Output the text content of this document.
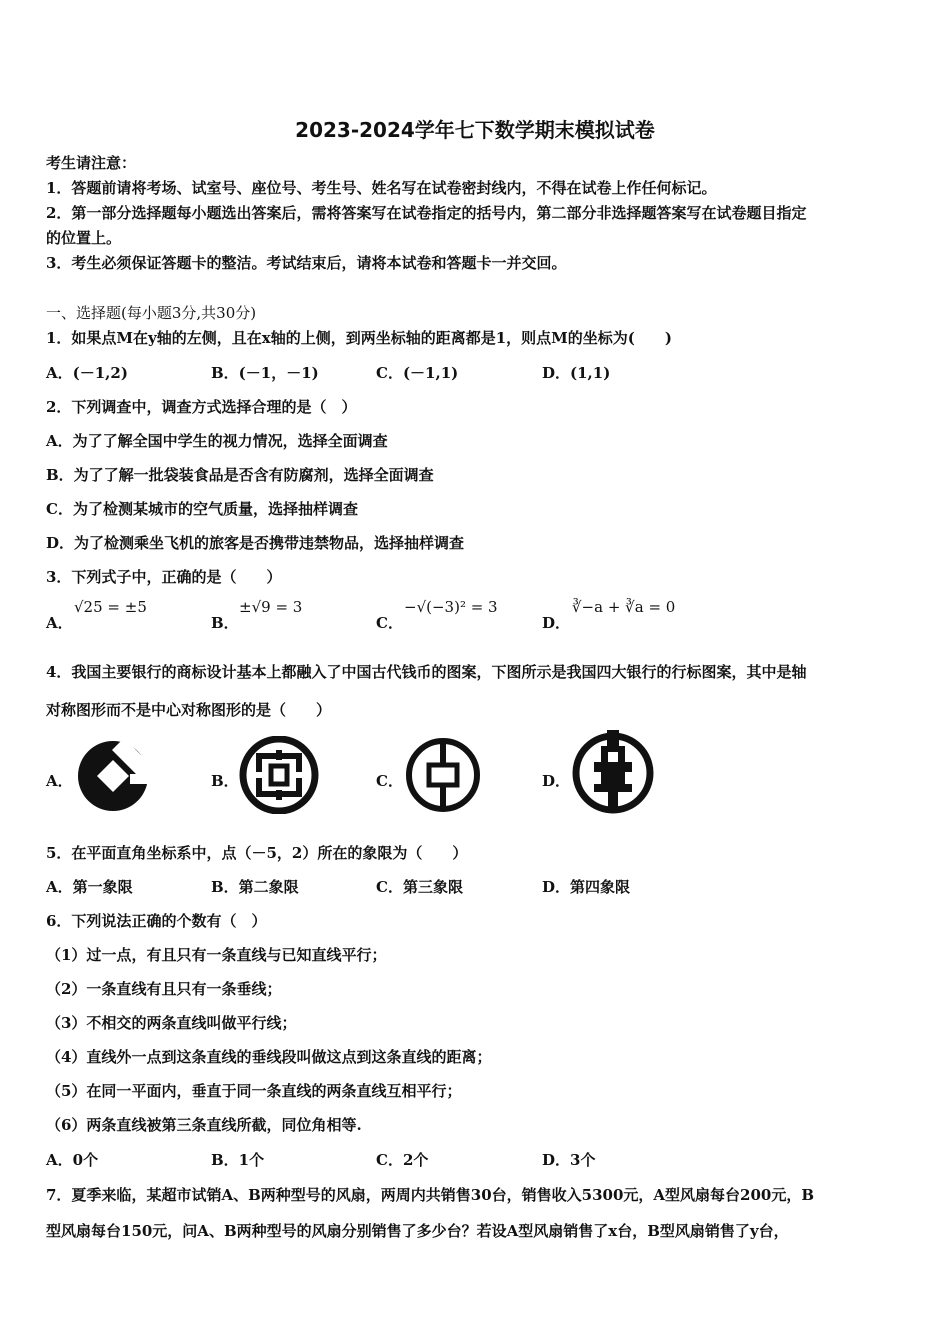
2023-2024学年七下数学期末模拟试卷
考生请注意：
1．答题前请将考场、试室号、座位号、考生号、姓名写在试卷密封线内，不得在试卷上作任何标记。
2．第一部分选择题每小题选出答案后，需将答案写在试卷指定的括号内，第二部分非选择题答案写在试卷题目指定
的位置上。
3．考生必须保证答题卡的整洁。考试结束后，请将本试卷和答题卡一并交回。
一、选择题(每小题3分,共30分)
1．如果点M在y轴的左侧，且在x轴的上侧，到两坐标轴的距离都是1，则点M的坐标为(　　)
A．(－1,2)	B．(－1，－1)	C．(－1,1)	D．(1,1)
2．下列调查中，调查方式选择合理的是（　）
A．为了了解全国中学生的视力情况，选择全面调查
B．为了了解一批袋装食品是否含有防腐剂，选择全面调查
C．为了检测某城市的空气质量，选择抽样调查
D．为了检测乘坐飞机的旅客是否携带违禁物品，选择抽样调查
3．下列式子中，正确的是（　　）
A．
√25 = ±5
B．
±√9 = 3
C．
−√(−3)² = 3
D．
∛−a + ∛a = 0
4．我国主要银行的商标设计基本上都融入了中国古代钱币的图案，下图所示是我国四大银行的行标图案，其中是轴
对称图形而不是中心对称图形的是（　　）
A．	B．	C．	D．
5．在平面直角坐标系中，点（－5，2）所在的象限为（　　）
A．第一象限	B．第二象限	C．第三象限	D．第四象限
6．下列说法正确的个数有（　）
（1）过一点，有且只有一条直线与已知直线平行；
（2）一条直线有且只有一条垂线；
（3）不相交的两条直线叫做平行线；
（4）直线外一点到这条直线的垂线段叫做这点到这条直线的距离；
（5）在同一平面内，垂直于同一条直线的两条直线互相平行；
（6）两条直线被第三条直线所截，同位角相等.
A．0个	B．1个	C．2个	D．3个
7．夏季来临，某超市试销A、B两种型号的风扇，两周内共销售30台，销售收入5300元，A型风扇每台200元，B
型风扇每台150元，问A、B两种型号的风扇分别销售了多少台？若设A型风扇销售了x台，B型风扇销售了y台，
